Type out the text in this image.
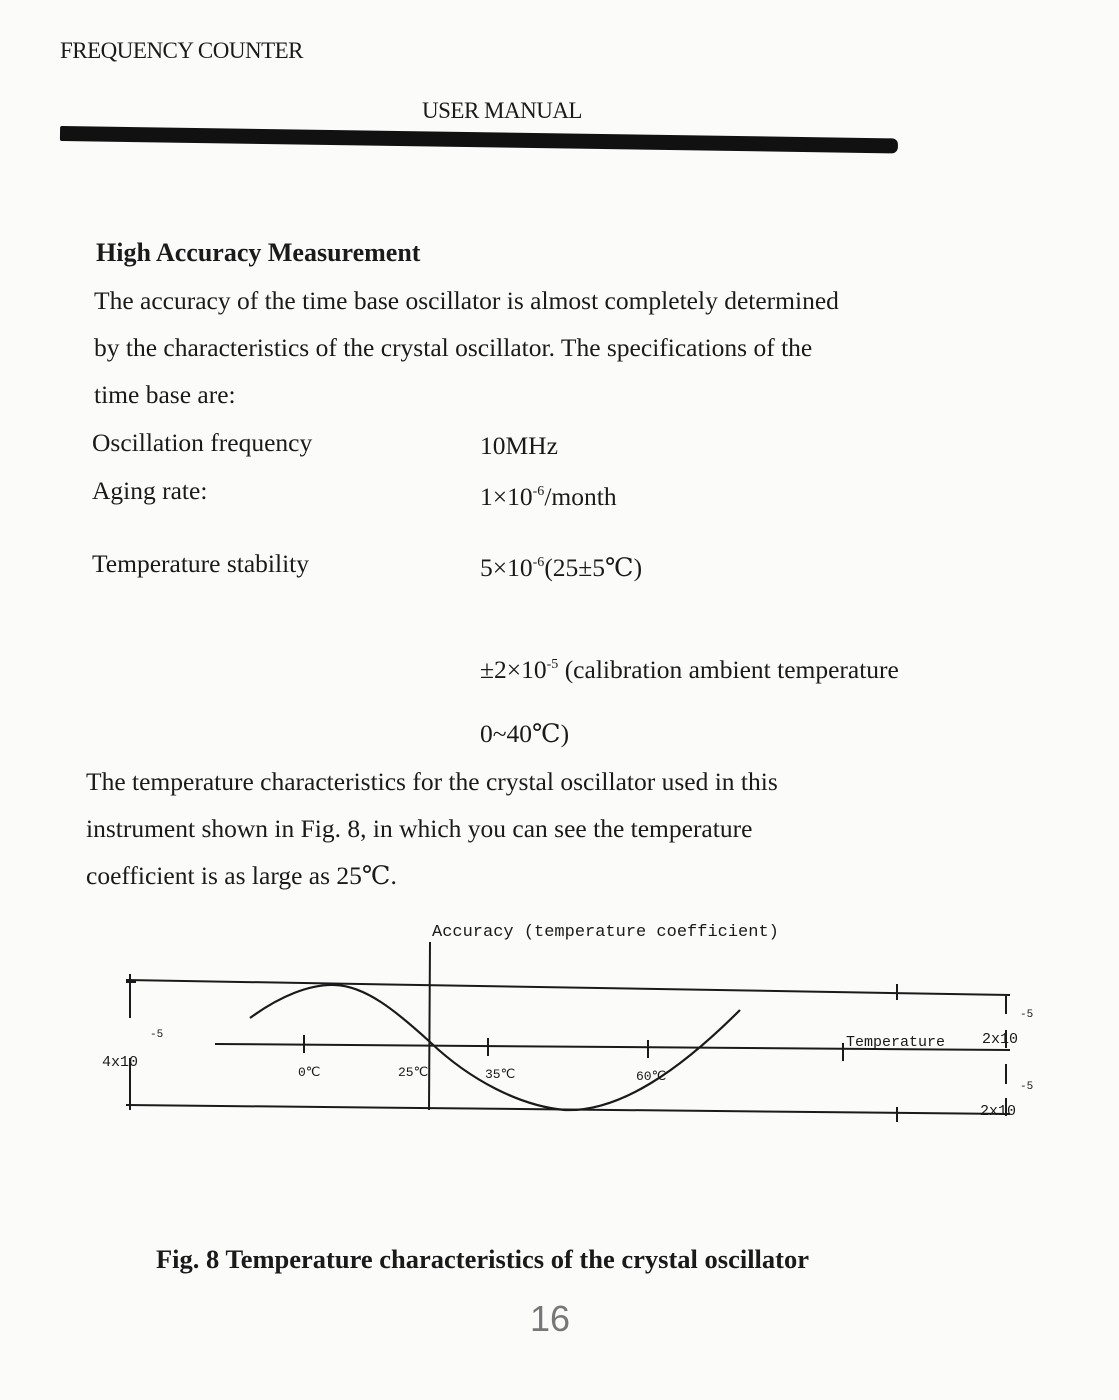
FREQUENCY COUNTER
USER MANUAL
High Accuracy Measurement
The accuracy of the time base oscillator is almost completely determined
by the characteristics of the crystal oscillator. The specifications of the
time base are:
Oscillation frequency	10MHz
Aging rate:	$1\times 10^{-6}$/month
Temperature stability	$5\times 10^{-6}(25\pm 5℃)$
$\pm 2\times 10^{-5}$ (calibration ambient temperature
0~40℃)
The temperature characteristics for the crystal oscillator used in this
instrument shown in Fig. 8, in which you can see the temperature
coefficient is as large as 25℃.
Accuracy (temperature coefficient)
Temperature
0℃	25℃	35℃	60℃
4x10
-5	2x10
-5
2x10
-5
Fig. 8 Temperature characteristics of the crystal oscillator
16
